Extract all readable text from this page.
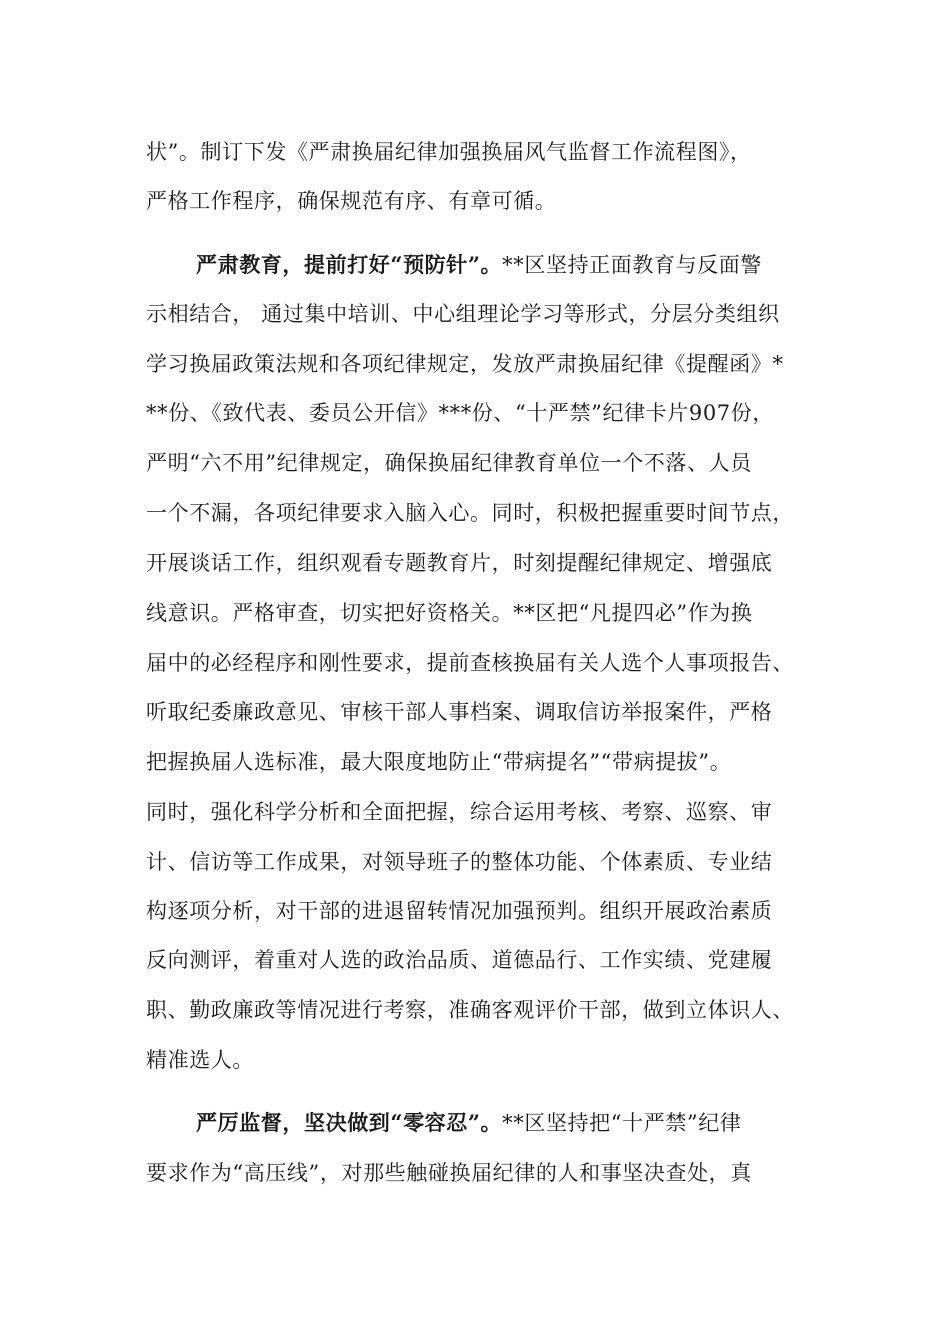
状”。制订下发《严肃换届纪律加强换届风气监督工作流程图》，
严格工作程序，确保规范有序、有章可循。
严肃教育，提前打好“预防针”。**区坚持正面教育与反面警
示相结合， 通过集中培训、中心组理论学习等形式，分层分类组织
学习换届政策法规和各项纪律规定，发放严肃换届纪律《提醒函》*
**份、《致代表、委员公开信》***份、“十严禁”纪律卡片907份，
严明“六不用”纪律规定，确保换届纪律教育单位一个不落、人员
一个不漏，各项纪律要求入脑入心。同时，积极把握重要时间节点，
开展谈话工作，组织观看专题教育片，时刻提醒纪律规定、增强底
线意识。严格审查，切实把好资格关。**区把“凡提四必”作为换
届中的必经程序和刚性要求，提前查核换届有关人选个人事项报告、
听取纪委廉政意见、审核干部人事档案、调取信访举报案件，严格
把握换届人选标准，最大限度地防止“带病提名”“带病提拔”。
同时，强化科学分析和全面把握，综合运用考核、考察、巡察、审
计、信访等工作成果，对领导班子的整体功能、个体素质、专业结
构逐项分析，对干部的进退留转情况加强预判。组织开展政治素质
反向测评，着重对人选的政治品质、道德品行、工作实绩、党建履
职、勤政廉政等情况进行考察，准确客观评价干部，做到立体识人、
精准选人。
严厉监督，坚决做到“零容忍”。**区坚持把“十严禁”纪律
要求作为“高压线”，对那些触碰换届纪律的人和事坚决查处，真
